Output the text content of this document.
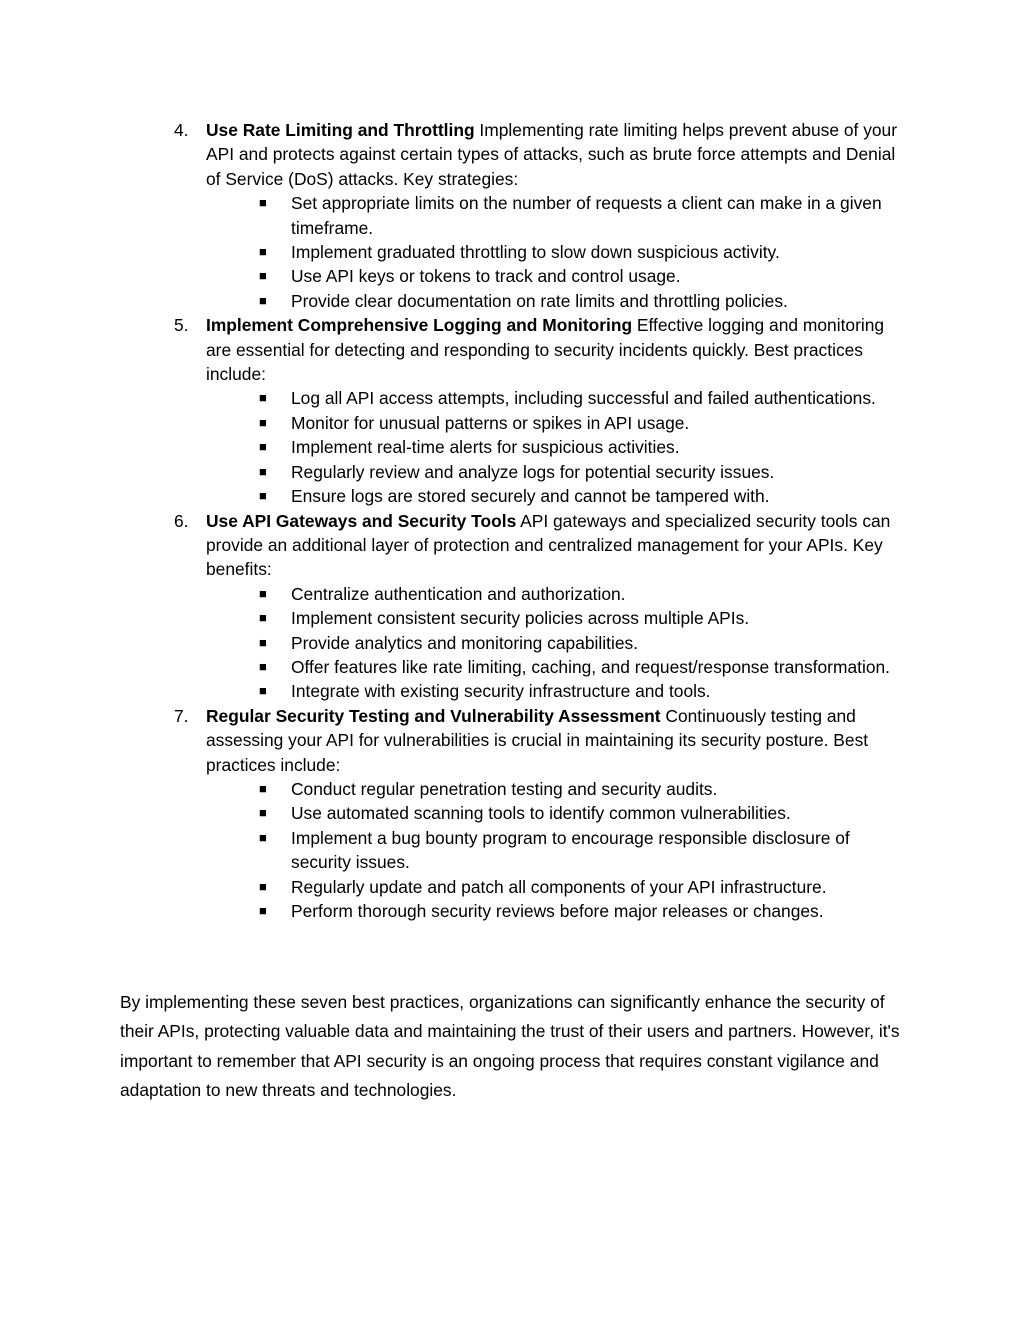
4. Use Rate Limiting and Throttling Implementing rate limiting helps prevent abuse of your API and protects against certain types of attacks, such as brute force attempts and Denial of Service (DoS) attacks. Key strategies:
■ Set appropriate limits on the number of requests a client can make in a given timeframe.
■ Implement graduated throttling to slow down suspicious activity.
■ Use API keys or tokens to track and control usage.
■ Provide clear documentation on rate limits and throttling policies.
5. Implement Comprehensive Logging and Monitoring Effective logging and monitoring are essential for detecting and responding to security incidents quickly. Best practices include:
■ Log all API access attempts, including successful and failed authentications.
■ Monitor for unusual patterns or spikes in API usage.
■ Implement real-time alerts for suspicious activities.
■ Regularly review and analyze logs for potential security issues.
■ Ensure logs are stored securely and cannot be tampered with.
6. Use API Gateways and Security Tools API gateways and specialized security tools can provide an additional layer of protection and centralized management for your APIs. Key benefits:
■ Centralize authentication and authorization.
■ Implement consistent security policies across multiple APIs.
■ Provide analytics and monitoring capabilities.
■ Offer features like rate limiting, caching, and request/response transformation.
■ Integrate with existing security infrastructure and tools.
7. Regular Security Testing and Vulnerability Assessment Continuously testing and assessing your API for vulnerabilities is crucial in maintaining its security posture. Best practices include:
■ Conduct regular penetration testing and security audits.
■ Use automated scanning tools to identify common vulnerabilities.
■ Implement a bug bounty program to encourage responsible disclosure of security issues.
■ Regularly update and patch all components of your API infrastructure.
■ Perform thorough security reviews before major releases or changes.

By implementing these seven best practices, organizations can significantly enhance the security of their APIs, protecting valuable data and maintaining the trust of their users and partners. However, it's important to remember that API security is an ongoing process that requires constant vigilance and adaptation to new threats and technologies.
